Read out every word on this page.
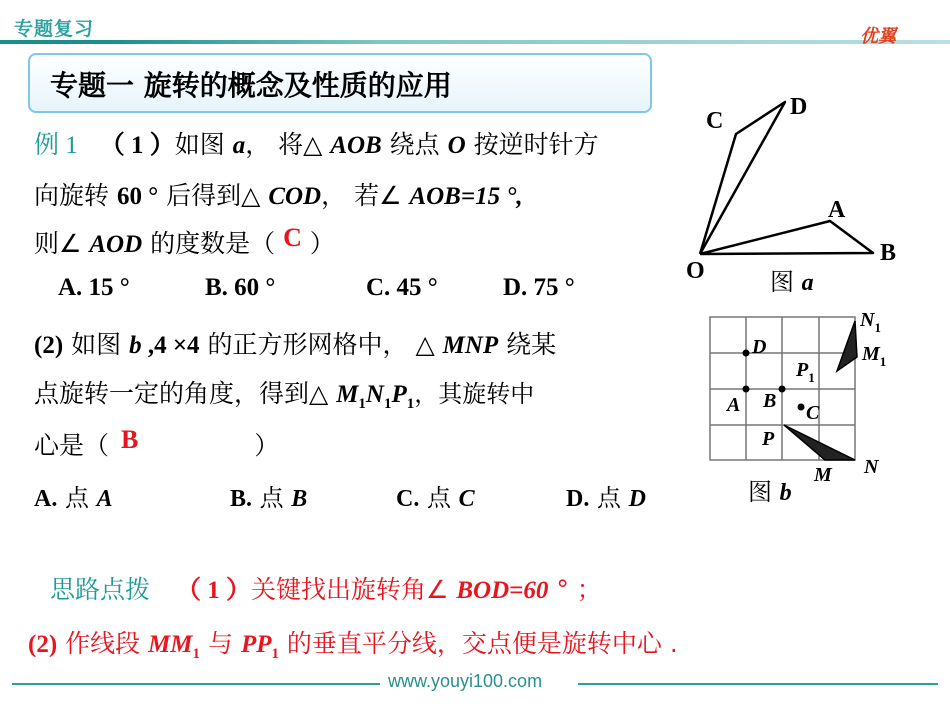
专题复习	优翼
专题一 旋转的概念及性质的应用
例 1 （ 1 ）如图 a， 将△ AOB 绕点 O 按逆时针方
向旋转 60 ° 后得到△ COD， 若∠ AOB=15 °,
则∠ AOD 的度数是（ C ）
A. 15 °	B. 60 °	C. 45 °	D. 75 °
C
D
A
B
O	图 a
(2) 如图 b ,4 ×4 的正方形网格中， △ MNP 绕某
点旋转一定的角度，得到△ $M_1N_1P_1$，其旋转中
心是（ B	）
A. 点 A	B. 点 B	C. 点 C	D. 点 D
$N_1$
$M_1$
D
$P_1$
A B
C
P
N
M
图 b
思路点拨 （ 1 ）关键找出旋转角∠ BOD=60 ° ；
(2) 作线段 $MM_1$ 与 $PP_1$ 的垂直平分线，交点便是旋转中心 .
www.youyi100.com
